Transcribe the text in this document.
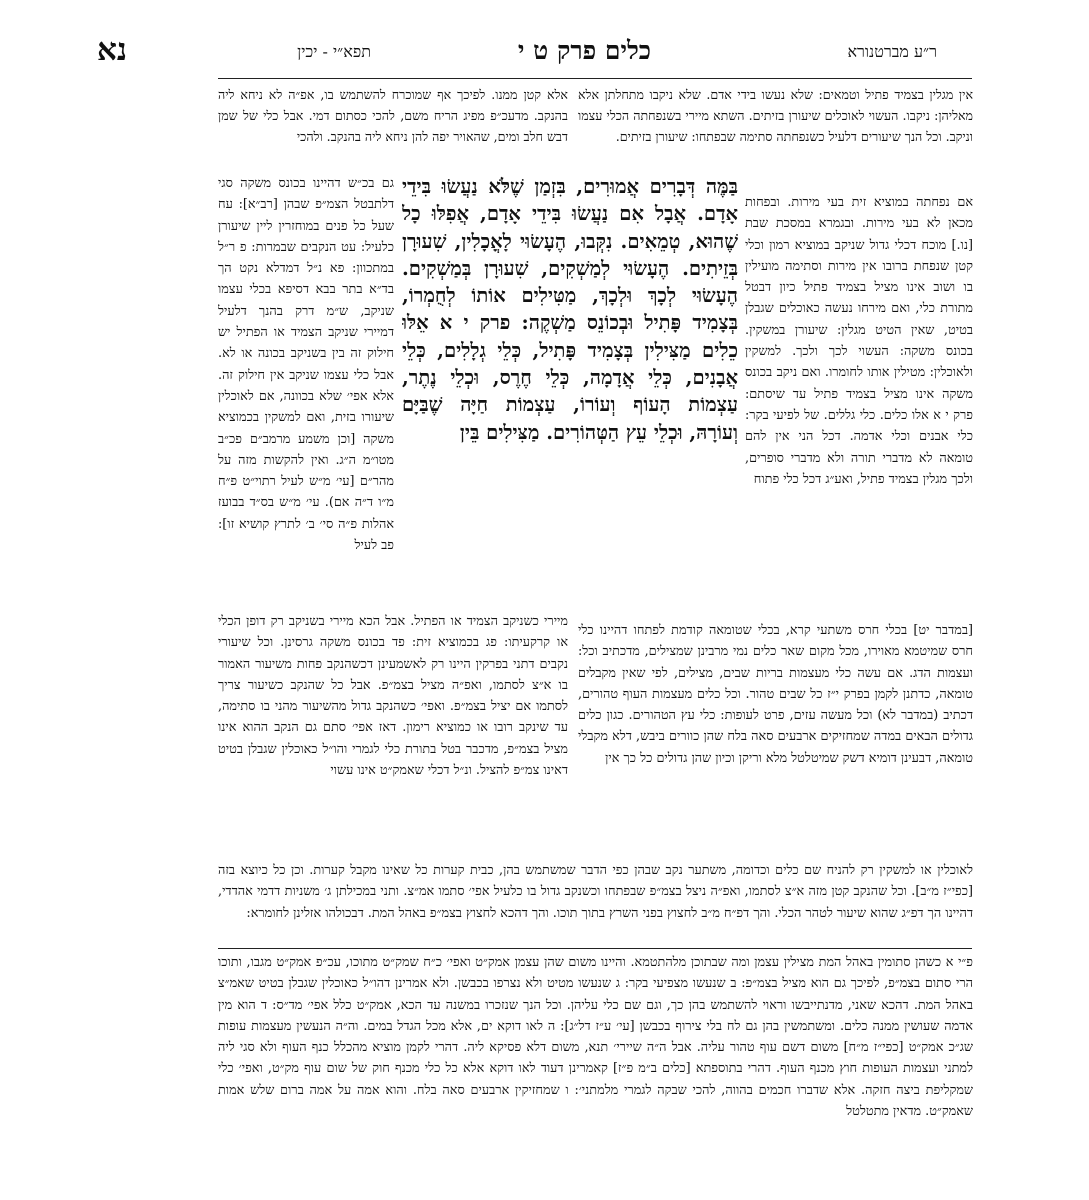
ר״ע מברטנורא
כלים פרק ט י
תפא״י - יכין
נא
אין מגלין בצמיד פתיל וטמאים: שלא נעשו בידי אדם. שלא ניקבו מתחלתן אלא מאליהן: ניקבו. העשוי לאוכלים שיעורן בזיתים. השתא מיירי בשנפחתה הכלי עצמו וניקב. וכל הנך שיעורים דלעיל כשנפחתה סתימה שבפתחו: שיעורן בזיתים.
אלא קטן ממנו. לפיכך אף שמוכרח להשתמש בו, אפ״ה לא ניחא ליה בהנקב. מדעכ״פ מפיג הריח משם, להכי כסתום דמי. אבל כלי של שמן דבש חלב ומים, שהאויר יפה להן ניחא ליה בהנקב. ולהכי
בַּמֶּה דְּבָרִים אֲמוּרִים, בִּזְמַן שֶׁלֹּא נַעֲשׂוּ בִּידֵי אָדָם. אֲבָל אִם נַעֲשׂוּ בִּידֵי אָדָם, אֲפִלּוּ כָל שֶׁהוּא, טְמֵאִים. נִקְּבוּ, הֶעָשׂוּי לָאֳכָלִין, שִׁעוּרָן בְּזֵיתִים. הֶעָשׂוּי לְמַשְׁקִים, שִׁעוּרָן בְּמַשְׁקִים. הֶעָשׂוּי לְכָךְ וּלְכָךְ, מַטִּילִים אוֹתוֹ לְחֻמְרוֹ, בְּצָמִיד פָּתִיל וּבְכוֹנֵס מַשְׁקֶה: פרק י א אֵלּוּ כֵלִים מַצִּילִין בְּצָמִיד פָּתִיל, כְּלֵי גְלָלִים, כְּלֵי אֲבָנִים, כְּלֵי אֲדָמָה, כְּלֵי חֶרֶס, וּכְלֵי נֶתֶר, עַצְמוֹת הָעוֹף וְעוֹרוֹ, עַצְמוֹת חַיָּה שֶׁבַּיָּם וְעוֹרָהּ, וּכְלֵי עֵץ הַטְּהוֹרִים. מַצִּילִים בֵּין
אם נפחתה במוציא זית בעי מירות. ובפחות מכאן לא בעי מירות. ובגמרא במסכת שבת [נו.] מוכח דכלי גדול שניקב במוציא רמון וכלי קטן שנפחת ברובו אין מירות וסתימה מועילין בו ושוב אינו מציל בצמיד פתיל כיון דבטל מתורת כלי, ואם מירחו נעשה כאוכלים שגבלן בטיט, שאין הטיט מגלין: שיעורן במשקין. בכונס משקה: העשוי לכך ולכך. למשקין ולאוכלין: מטילין אותו לחומרו. ואם ניקב בכונס משקה אינו מציל בצמיד פתיל עד שיסתם: פרק י א אלו כלים. כלי גללים. של לפיעי בקר: כלי אבנים וכלי אדמה. דכל הני אין להם טומאה לא מדברי תורה ולא מדברי סופרים, ולכך מגלין בצמיד פתיל, ואע״ג דכל כלי פתוח
גם בכ״ש דהיינו בכונס משקה סגי דלתבטל הצמ״פ שבהן [רב״א]: עח שעל כל פנים במוחזרין ליין שיעורן כלעיל: עט הנקבים שבמרות: פ ר״ל במתכוון: פא נ״ל דמדלא נקט הך בד״א בתר בבא דסיפא בכלי עצמו שניקב, ש״מ דרק בהנך דלעיל דמיירי שניקב הצמיד או הפתיל יש חילוק זה בין בשניקב בכונה או לא. אבל כלי עצמו שניקב אין חילוק זה. אלא אפי׳ שלא בכוונה, אם לאוכלין שיעורו בזית, ואם למשקין בכמוציא משקה [וכן משמע מרמב״ם פכ״ב מטו״מ ה״ג. ואין להקשות מזה על מהר״ם [עי׳ מ״ש לעיל רתוי״ט פ״ח מ״ו ד״ה אם). עי׳ מ״ש בס״ד בבועז אהלות פ״ה סי׳ ב׳ לתרץ קושיא זו]: פב לעיל
[במדבר יט] בכלי חרס משתעי קרא, בכלי שטומאה קודמת לפתחו דהיינו כלי חרס שמיטמא מאוירו, מכל מקום שאר כלים נמי מרבינן שמצילים, מדכתיב וכל: ועצמות הדג. אם עשה כלי מעצמות בריות שבים, מצילים, לפי שאין מקבלים טומאה, כדתנן לקמן בפרק י״ז כל שבים טהור. וכל כלים מעצמות העוף טהורים, דכתיב (במדבר לא) וכל מעשה עזים, פרט לעופות: כלי עץ הטהורים. כגון כלים גדולים הבאים במדה שמחזיקים ארבעים סאה בלח שהן כוורים ביבש, דלא מקבלי טומאה, דבעינן דומיא דשק שמיטלטל מלא וריקן וכיון שהן גדולים כל כך אין
מיירי כשניקב הצמיד או הפתיל. אבל הכא מיירי בשניקב רק דופן הכלי או קרקעיתו: פג בכמוציא זית: פד בכונס משקה גרסינן. וכל שיעורי נקבים דתני בפרקין היינו רק לאשמעינן דכשהנקב פחות משיעור האמור בו א״צ לסתמו, ואפ״ה מציל בצמ״פ. אבל כל שהנקב כשיעור צריך לסתמו אם יציל בצמ״פ. ואפי׳ כשהנקב גדול מהשיעור מהני בו סתימה, עד שינקב רובו או כמוציא רימון. דאז אפי׳ סתם גם הנקב ההוא אינו מציל בצמ״פ, מדכבר בטל בתורת כלי לגמרי והו״ל כאוכלין שגבלן בטיט דאינו צמ״פ להציל. ונ״ל דכלי שאמק״ט אינו עשוי
לאוכלין או למשקין רק להניח שם כלים וכדומה, משתער נקב שבהן כפי הדבר שמשתמש בהן, כבית קערות כל שאינו מקבל קערות. וכן כל כיוצא בזה [כפי״ז מ״ב]. וכל שהנקב קטן מזה א״צ לסתמו, ואפ״ה ניצל בצמ״פ שבפתחו וכשנקב גדול בו כלעיל אפי׳ סתמו אמ״צ. ותני במכילתן ג׳ משניות דדמי אהדדי, דהיינו הך דפ״ג שהוא שיעור לטהר הכלי. והך דפ״ח מ״ב לחצוץ בפני השרץ בתוך תוכו. והך דהכא לחצוץ בצמ״פ באהל המת. דבכולהו אזלינן לחומרא:
פ״י א כשהן סתומין באהל המת מצילין עצמן ומה שבתוכן מלהתטמא. והיינו משום שהן עצמן אמק״ט ואפי׳ כ״ח שמק״ט מתוכו, עכ״פ אמק״ט מגבו, ותוכו הרי סתום בצמ״פ, לפיכך גם הוא מציל בצמ״פ: ב שנעשו מצפיעי בקר: ג שנעשו מטיט ולא נצרפו בכבשן. ולא אמרינן דהו״ל כאוכלין שגבלן בטיט שאמ״צ באהל המת. דהכא שאני, מדנתייבשו וראוי להשתמש בהן כך, וגם שם כלי עליהן. וכל הנך שנזכרו במשנה עד הכא, אמק״ט כלל אפי׳ מד״ס: ד הוא מין אדמה שעושין ממנה כלים. ומשתמשין בהן גם לח בלי צירוף בכבשן [עי׳ ע״ז דל״ג]: ה לאו דוקא ים, אלא מכל הגדל במים. וה״ה הנעשין מעצמות עופות שג״כ אמק״ט [כפי״ז מ״ח] משום דשם עוף טהור עליה. אבל ה״ה שיירי׳ תנא, משום דלא פסיקא ליה. דהרי לקמן מוציא מהכלל כנף העוף ולא סגי ליה למתני ועצמות העופות חוץ מכנף העוף. דהרי בתוספתא [כלים ב״מ פ״ז] קאמרינן דעוד לאו דוקא אלא כל כלי מכנף חוק של שום עוף מק״ט, ואפי׳ כלי שמקליפת ביצה חזקה. אלא שדברו חכמים בהווה, להכי שבקה לגמרי מלמתני׳: ו שמחזיקין ארבעים סאה בלח. והוא אמה על אמה ברום שלש אמות שאמק״ט. מדאין מתטלטל
